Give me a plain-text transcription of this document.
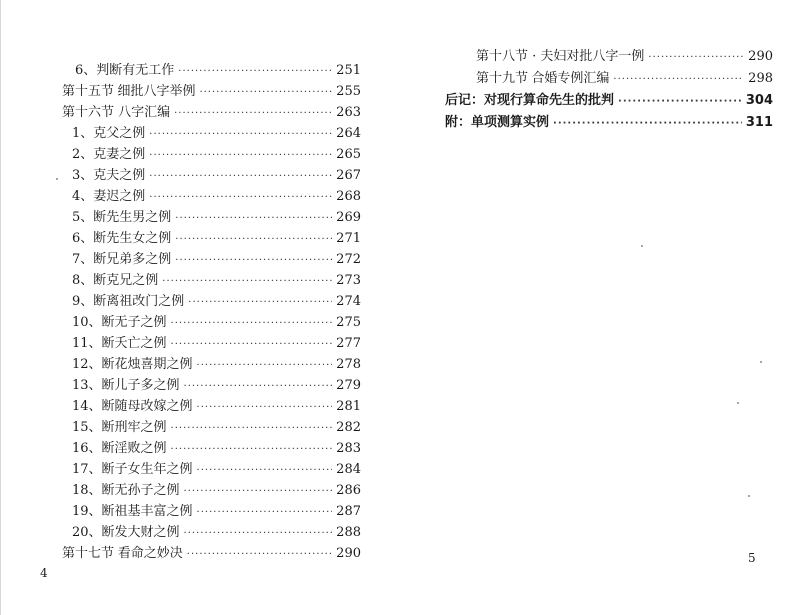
6、判断有无工作 ·····	251
第十五节 细批八字举例 ·····	255
第十六节 八字汇编 ·····	263
1、克父之例 ·····	264
2、克妻之例 ·····	265
3、克夫之例 ·····	267
4、妻迟之例 ·····	268
5、断先生男之例 ·····	269
6、断先生女之例 ·····	271
7、断兄弟多之例 ·····	272
8、断克兄之例 ·····	273
9、断离祖改门之例 ·····	274
10、断无子之例 ·····	275
11、断夭亡之例 ·····	277
12、断花烛喜期之例 ·····	278
13、断儿子多之例 ·····	279
14、断随母改嫁之例 ·····	281
15、断刑牢之例 ·····	282
16、断淫败之例 ·····	283
17、断子女生年之例 ·····	284
18、断无孙子之例 ·····	286
19、断祖基丰富之例 ·····	287
20、断发大财之例 ·····	288
第十七节 看命之妙决 ·····	290
4
第十八节 · 夫妇对批八字一例 ·····	290
第十九节 合婚专例汇编 ·····	298
后记：对现行算命先生的批判 ·····	304
附：单项测算实例 ·····	311
5
